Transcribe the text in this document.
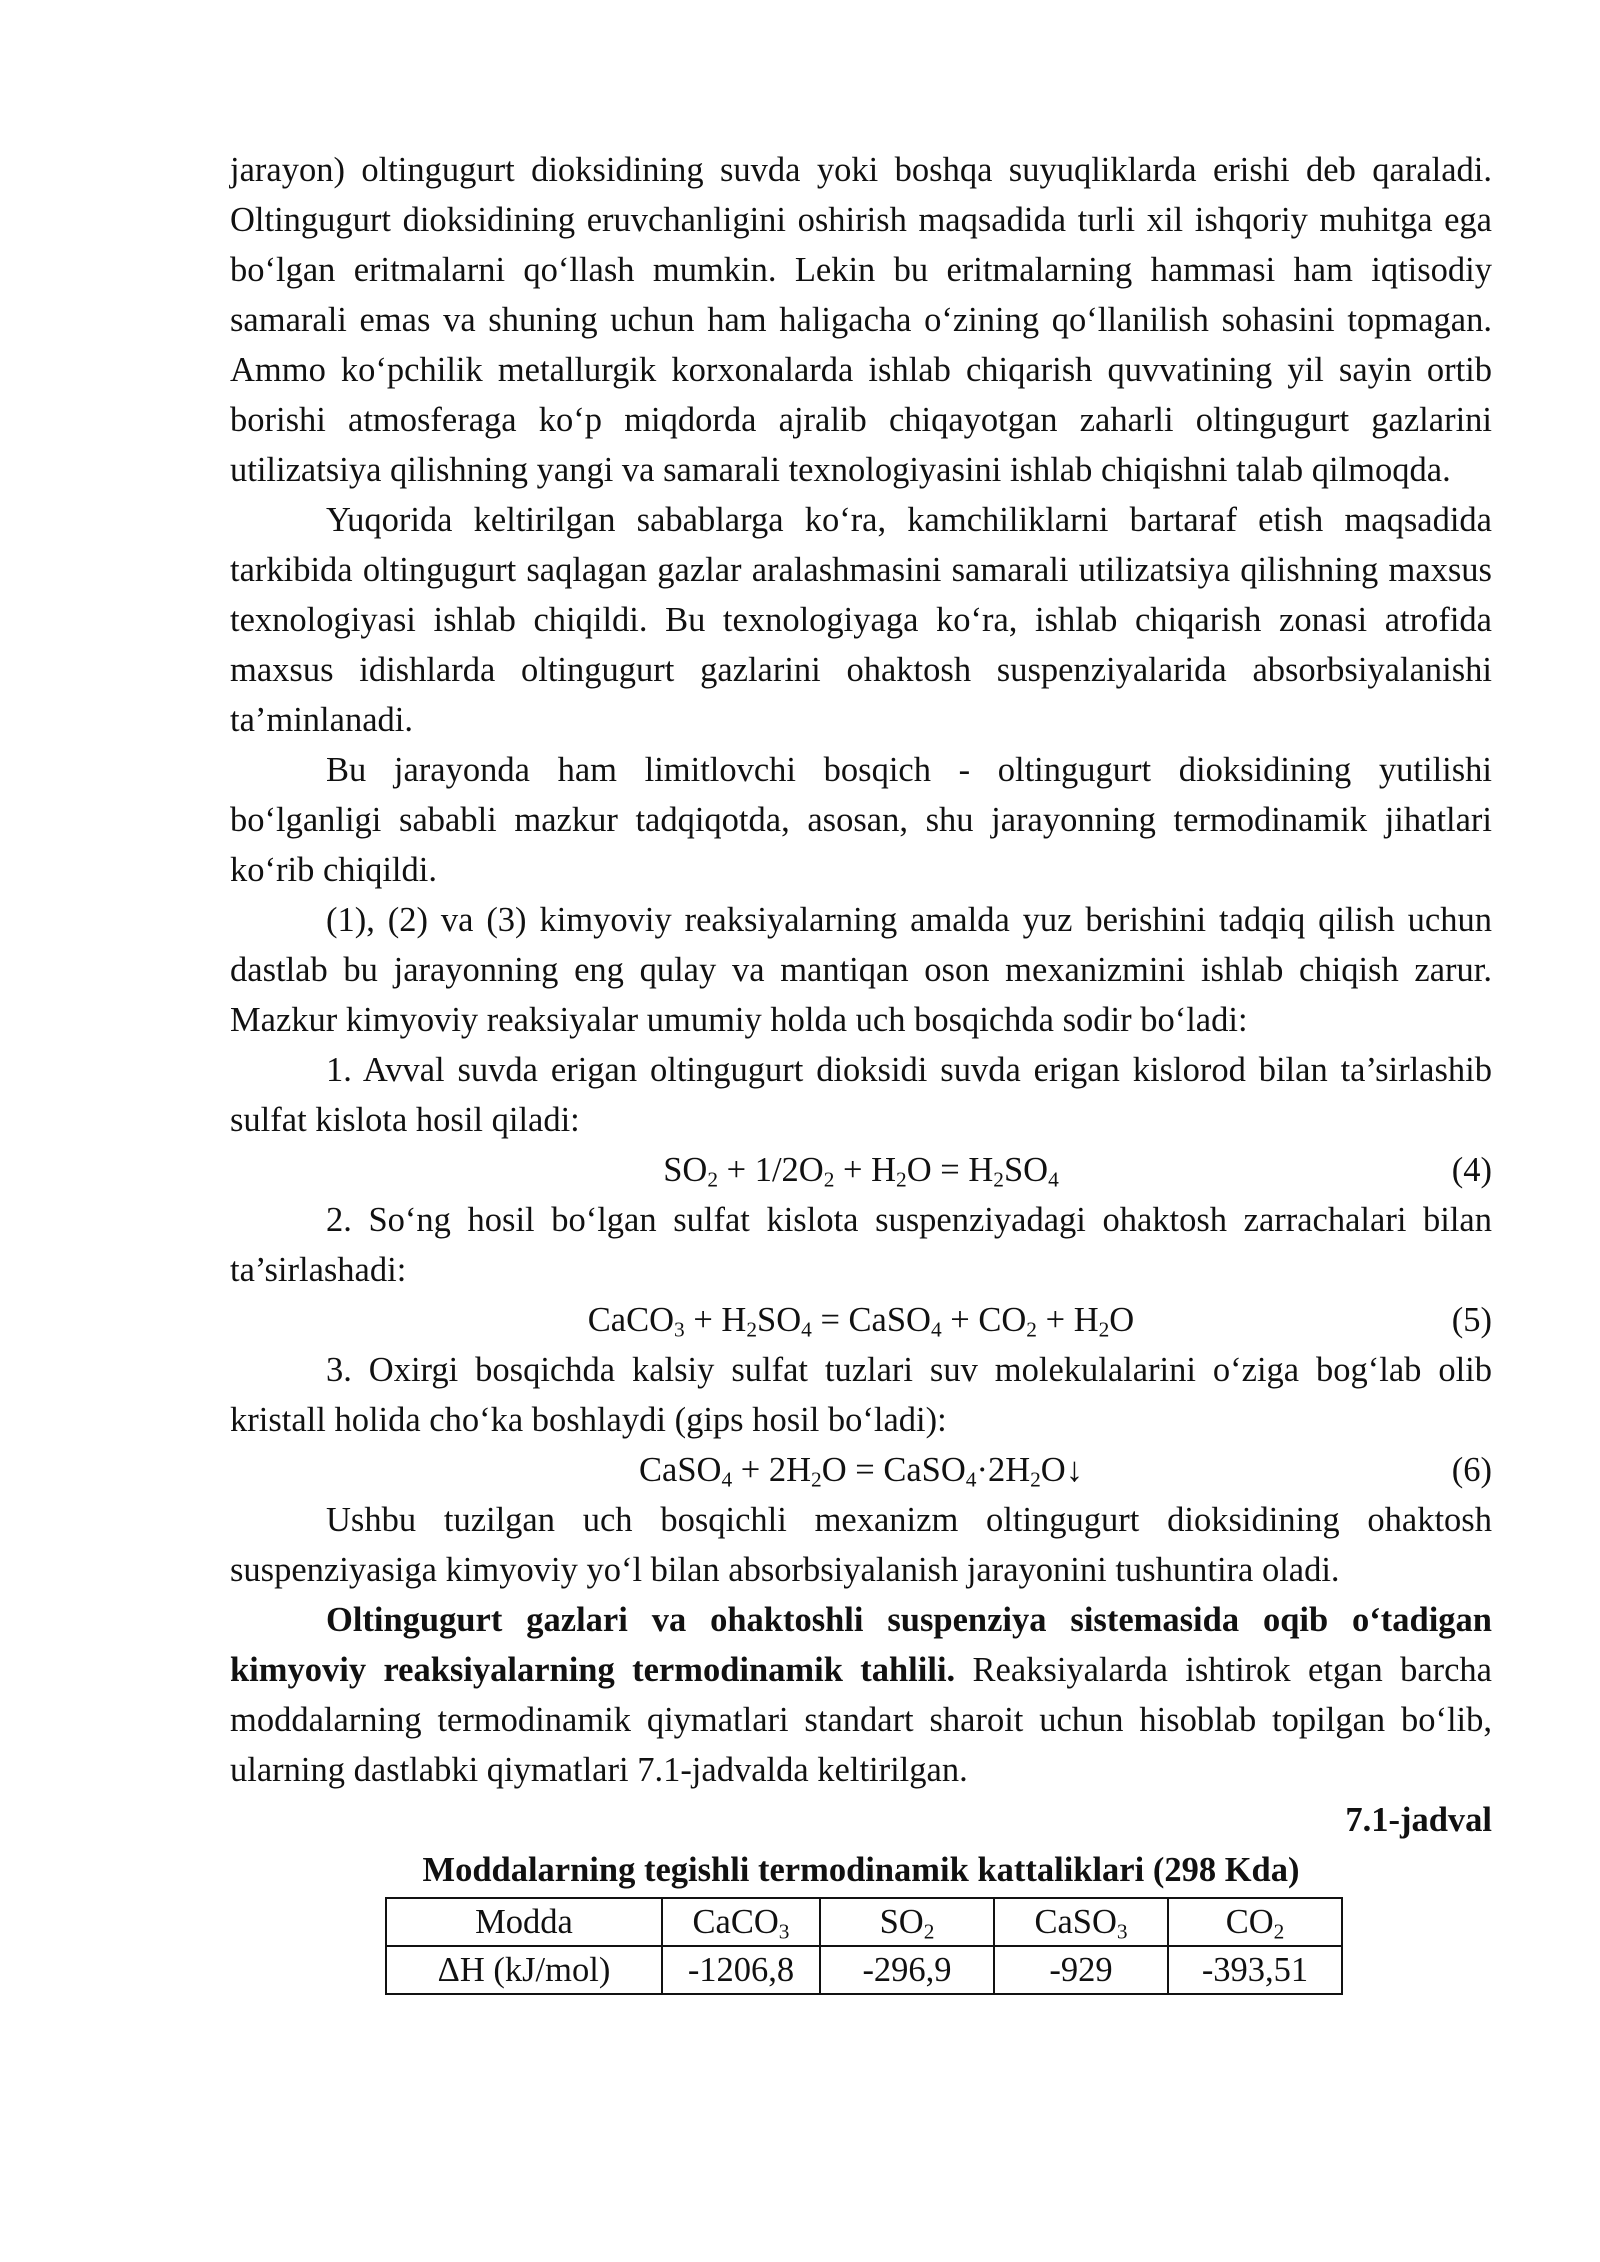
jarayon) oltingugurt dioksidining suvda yoki boshqa suyuqliklarda erishi deb qaraladi. Oltingugurt dioksidining eruvchanligini oshirish maqsadida turli xil ishqoriy muhitga ega bo‘lgan eritmalarni qo‘llash mumkin. Lekin bu eritmalarning hammasi ham iqtisodiy samarali emas va shuning uchun ham haligacha o‘zining qo‘llanilish sohasini topmagan. Ammo ko‘pchilik metallurgik korxonalarda ishlab chiqarish quvvatining yil sayin ortib borishi atmosferaga ko‘p miqdorda ajralib chiqayotgan zaharli oltingugurt gazlarini utilizatsiya qilishning yangi va samarali texnologiyasini ishlab chiqishni talab qilmoqda.

Yuqorida keltirilgan sabablarga ko‘ra, kamchiliklarni bartaraf etish maqsadida tarkibida oltingugurt saqlagan gazlar aralashmasini samarali utilizatsiya qilishning maxsus texnologiyasi ishlab chiqildi. Bu texnologiyaga ko‘ra, ishlab chiqarish zonasi atrofida maxsus idishlarda oltingugurt gazlarini ohaktosh suspenziyalarida absorbsiyalanishi ta’minlanadi.

Bu jarayonda ham limitlovchi bosqich - oltingugurt dioksidining yutilishi bo‘lganligi sababli mazkur tadqiqotda, asosan, shu jarayonning termodinamik jihatlari ko‘rib chiqildi.

(1), (2) va (3) kimyoviy reaksiyalarning amalda yuz berishini tadqiq qilish uchun dastlab bu jarayonning eng qulay va mantiqan oson mexanizmini ishlab chiqish zarur. Mazkur kimyoviy reaksiyalar umumiy holda uch bosqichda sodir bo‘ladi:

1. Avval suvda erigan oltingugurt dioksidi suvda erigan kislorod bilan ta’sirlashib sulfat kislota hosil qiladi:

$SO_2 + 1/2O_2 + H_2O = H_2SO_4$	(4)

2. So‘ng hosil bo‘lgan sulfat kislota suspenziyadagi ohaktosh zarrachalari bilan ta’sirlashadi:

CaCO$_3$ + $H_2SO_4$ = CaSO$_4$ + $CO_2 + H_2O$	(5)

3. Oxirgi bosqichda kalsiy sulfat tuzlari suv molekulalarini o‘ziga bog‘lab olib kristall holida cho‘ka boshlaydi (gips hosil bo‘ladi):

CaSO$_4$ + $2H_2O$ = $CaSO_4\cdot 2H_2O↓$	(6)

Ushbu tuzilgan uch bosqichli mexanizm oltingugurt dioksidining ohaktosh suspenziyasiga kimyoviy yo‘l bilan absorbsiyalanish jarayonini tushuntira oladi.

Oltingugurt gazlari va ohaktoshli suspenziya sistemasida oqib o‘tadigan kimyoviy reaksiyalarning termodinamik tahlili. Reaksiyalarda ishtirok etgan barcha moddalarning termodinamik qiymatlari standart sharoit uchun hisoblab topilgan bo‘lib, ularning dastlabki qiymatlari 7.1-jadvalda keltirilgan.

7.1-jadval
Moddalarning tegishli termodinamik kattaliklari (298 Kda)
Modda	CaCO$_3$	$SO_2$	CaSO$_3$	$CO_2$
ΔH (kJ/mol)	-1206,8	-296,9	-929	-393,51
